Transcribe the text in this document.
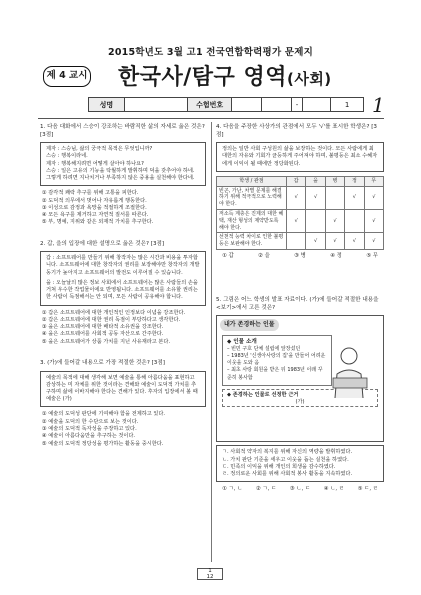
2015학년도 3월 고1 전국연합학력평가 문제지
제 4 교시 한국사/탐구 영역(사회)
성명	수험번호	-	1	1
1. 다음 대화에서 스승이 강조하는 바람직한 삶의 자세로 옳은 것은? [3점]
제자 : 스승님, 삶의 궁극적 목적은 무엇입니까?
스승 : 행복이라네.
제자 : 행복해지려면 어떻게 살아야 하나요?
스승 : 일은 고유의 기능을 탁월하게 발휘하며 덕을 갖추어야 하네. 그렇게 하려면 지나치거나 부족하지 않은 중용을 실천해야 한다네.
① 감각적 쾌락 추구를 위해 고통을 피한다.
② 도덕적 의무에서 벗어나 자유롭게 행동한다.
③ 이성으로 감정과 욕망을 적절하게 조절한다.
④ 모든 욕구를 제거하고 자연적 질서를 따른다.
⑤ 부, 명예, 지위와 같은 외재적 가치를 추구한다.
2. 갑, 을의 입장에 대한 설명으로 옳은 것은? [3점]
갑 : 소프트웨어를 만들기 위해 창작자는 많은 시간과 비용을 투자합니다. 소프트웨어에 대한 창작자의 권리를 보장해야만 창작자의 개발 동기가 높아지고 소프트웨어의 발전도 이루어질 수 있습니다.
을 : 오늘날의 많은 정보 사회에서 소프트웨어는 많은 사람들의 손을 거쳐 우수한 작업물이에요 반영됩니다. 소프트웨어를 소유할 권리는 한 사람이 독점해서는 안 되며, 모든 사람이 공유해야 합니다.
① 갑은 소프트웨어에 대한 개인적인 인정보다 이념을 강조한다.
② 갑은 소프트웨어에 대한 권리 독점이 부당하다고 생각한다.
③ 을은 소프트웨어에 대한 배타적 소유권을 강조한다.
④ 을은 소프트웨어를 사회적 공동 자산으로 간주한다.
⑤ 을은 소프트웨어가 상품 가치를 지닌 사유재라고 본다.
3. (가)에 들어갈 내용으로 가장 적절한 것은? [3점]
예술의 목적에 대해 생각해 보면 예술을 통해 아름다움을 표현하고 감상하는 미 자체를 위한 것이라는 견해와 예술이 도덕적 가치를 추구하며 삶에 이바지해야 한다는 견해가 있다. 후자의 입장에서 볼 때 예술은 (가)
① 예술의 도덕성 판단에 기여해야 함을 전제하고 있다.
② 예술을 도덕의 한 수단으로 보는 것이다.
③ 예술의 도덕적 독자성을 주장하고 있다.
④ 예술이 아름다움만을 추구하는 것이다.
⑤ 예술의 도덕적 정당성을 평가하는 활동을 중시한다.
4. 다음을 주장한 사상가의 관점에서 모두 '√'를 표시한 학생은? [3점]
정의는 일반 사회 구성원의 삶을 보장하는 것이다. 모든 사람에게 최대한의 자유와 기회가 균등하게 주어져야 하며, 불평등은 최소 수혜자에게 이익이 될 때에만 정당화된다.
학생 / 관점	갑	을	병	정	무
빈곤, 가난, 차별 문제를 해결하기 위해 적극적으로 노력해야 한다.	√	√		√	√
저소득 계층은 진제의 대한 혜택, 재산 형성의 제약받도록 해야 한다.	√		√		√
선천적 능력 차이로 인한 불평등은 보완해야 한다.		√	√	√	√
① 갑	② 을	③ 병	④ 정	⑤ 무
5. 그림은 어느 학생의 발표 자료이다. (가)에 들어갈 적절한 내용을 <보기>에서 고른 것은?
내가 존경하는 인물
◆ 인물 소개
– 빈민 구호 단체 설립에 앞장섰던
– 1983년 '신생아사랑의 집'을 만들어 어려운 이웃을 도와 옴
– 최초 사랑 회원을 받은 뒤 1983년 이래 꾸준히 봉사함
◆ 존경하는 인물로 선정한 근거
(가)
ㄱ. 사회적 약자의 복지를 위해 자신의 역량을 발휘하였다.
ㄴ. 가치 판단 기준을 세우고 이웃을 돕는 실천을 하였다.
ㄷ. 민족의 이익을 위해 개인의 희생을 감수하였다.
ㄹ. 정의로운 사회를 위해 사회적 봉사 활동을 지속하였다.
① ㄱ, ㄴ	② ㄱ, ㄷ	③ ㄴ, ㄷ	④ ㄴ, ㄹ	⑤ ㄷ, ㄹ
1
12
